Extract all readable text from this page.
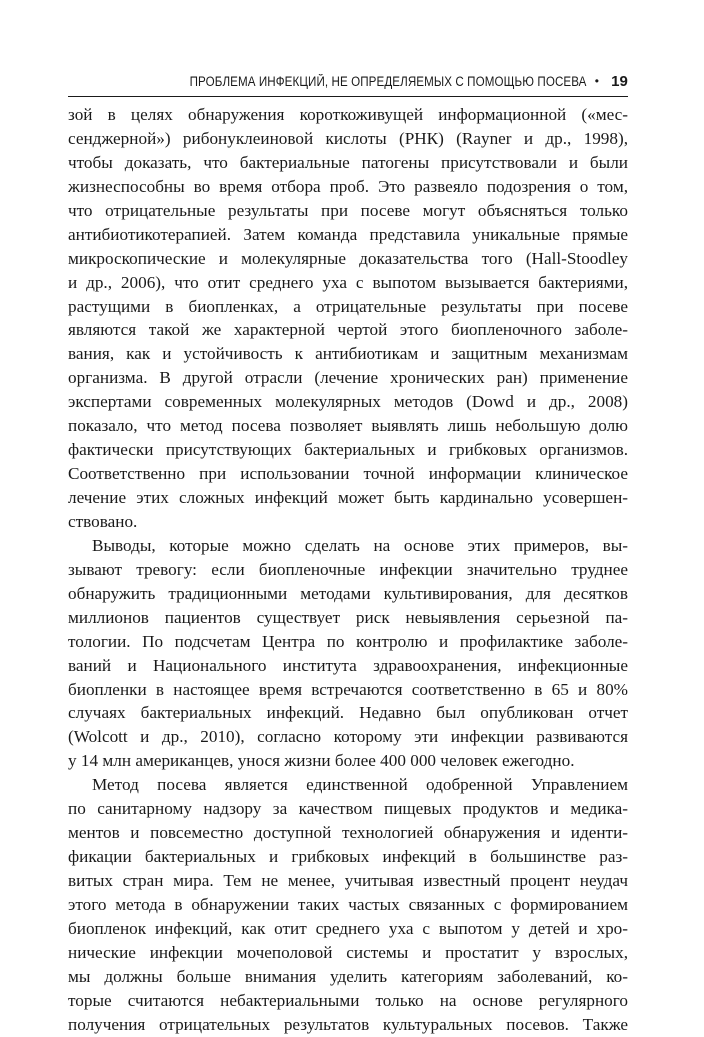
ПРОБЛЕМА ИНФЕКЦИЙ, НЕ ОПРЕДЕЛЯЕМЫХ С ПОМОЩЬЮ ПОСЕВА • 19
зой в целях обнаружения короткоживущей информационной («мес-
сенджерной») рибонуклеиновой кислоты (РНК) (Rayner и др., 1998),
чтобы доказать, что бактериальные патогены присутствовали и были
жизнеспособны во время отбора проб. Это развеяло подозрения о том,
что отрицательные результаты при посеве могут объясняться только
антибиотикотерапией. Затем команда представила уникальные прямые
микроскопические и молекулярные доказательства того (Hall-Stoodley
и др., 2006), что отит среднего уха с выпотом вызывается бактериями,
растущими в биопленках, а отрицательные результаты при посеве
являются такой же характерной чертой этого биопленочного заболе-
вания, как и устойчивость к антибиотикам и защитным механизмам
организма. В другой отрасли (лечение хронических ран) применение
экспертами современных молекулярных методов (Dowd и др., 2008)
показало, что метод посева позволяет выявлять лишь небольшую долю
фактически присутствующих бактериальных и грибковых организмов.
Соответственно при использовании точной информации клиническое
лечение этих сложных инфекций может быть кардинально усовершен-
ствовано.
Выводы, которые можно сделать на основе этих примеров, вы-
зывают тревогу: если биопленочные инфекции значительно труднее
обнаружить традиционными методами культивирования, для десятков
миллионов пациентов существует риск невыявления серьезной па-
тологии. По подсчетам Центра по контролю и профилактике заболе-
ваний и Национального института здравоохранения, инфекционные
биопленки в настоящее время встречаются соответственно в 65 и 80%
случаях бактериальных инфекций. Недавно был опубликован отчет
(Wolcott и др., 2010), согласно которому эти инфекции развиваются
у 14 млн американцев, унося жизни более 400 000 человек ежегодно.
Метод посева является единственной одобренной Управлением
по санитарному надзору за качеством пищевых продуктов и медика-
ментов и повсеместно доступной технологией обнаружения и иденти-
фикации бактериальных и грибковых инфекций в большинстве раз-
витых стран мира. Тем не менее, учитывая известный процент неудач
этого метода в обнаружении таких частых связанных с формированием
биопленок инфекций, как отит среднего уха с выпотом у детей и хро-
нические инфекции мочеполовой системы и простатит у взрослых,
мы должны больше внимания уделить категориям заболеваний, ко-
торые считаются небактериальными только на основе регулярного
получения отрицательных результатов культуральных посевов. Также
